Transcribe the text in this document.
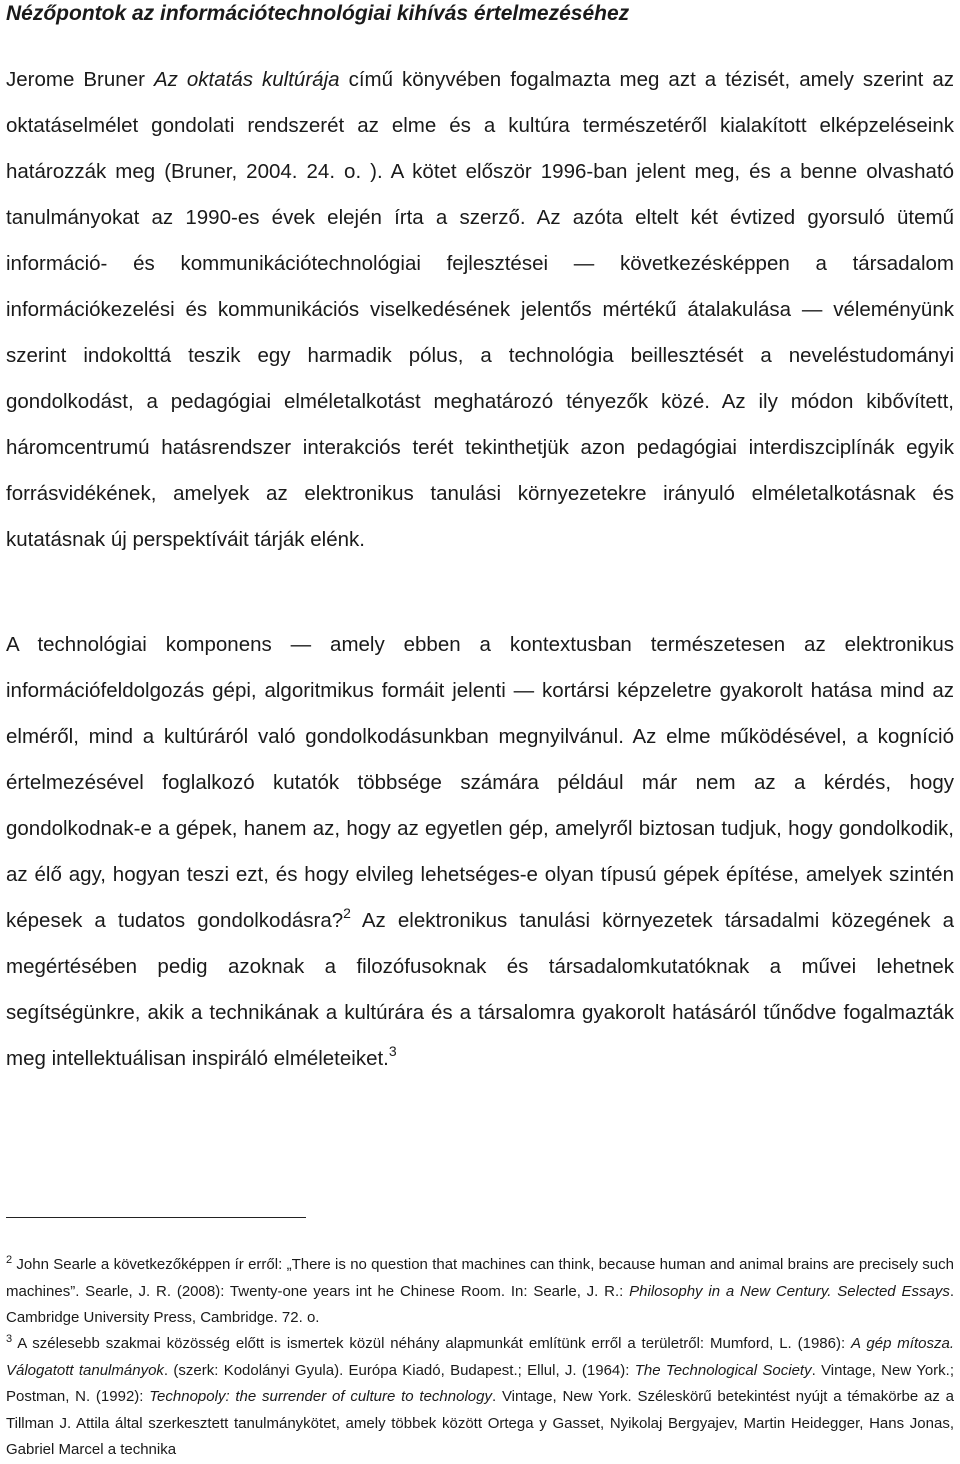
Nézőpontok az információtechnológiai kihívás értelmezéséhez

Jerome Bruner Az oktatás kultúrája című könyvében fogalmazta meg azt a tézisét, amely szerint az oktatáselmélet gondolati rendszerét az elme és a kultúra természetéről kialakított elképzeléseink határozzák meg (Bruner, 2004. 24. o. ). A kötet először 1996-ban jelent meg, és a benne olvasható tanulmányokat az 1990-es évek elején írta a szerző. Az azóta eltelt két évtized gyorsuló ütemű információ- és kommunikációtechnológiai fejlesztései — következésképpen a társadalom információkezelési és kommunikációs viselkedésének jelentős mértékű átalakulása — véleményünk szerint indokolttá teszik egy harmadik pólus, a technológia beillesztését a neveléstudományi gondolkodást, a pedagógiai elméletalkotást meghatározó tényezők közé. Az ily módon kibővített, háromcentrumú hatásrendszer interakciós terét tekinthetjük azon pedagógiai interdiszciplínák egyik forrásvidékének, amelyek az elektronikus tanulási környezetekre irányuló elméletalkotásnak és kutatásnak új perspektíváit tárják elénk.

A technológiai komponens — amely ebben a kontextusban természetesen az elektronikus információfeldolgozás gépi, algoritmikus formáit jelenti — kortársi képzeletre gyakorolt hatása mind az elméről, mind a kultúráról való gondolkodásunkban megnyilvánul. Az elme működésével, a kogníció értelmezésével foglalkozó kutatók többsége számára például már nem az a kérdés, hogy gondolkodnak-e a gépek, hanem az, hogy az egyetlen gép, amelyről biztosan tudjuk, hogy gondolkodik, az élő agy, hogyan teszi ezt, és hogy elvileg lehetséges-e olyan típusú gépek építése, amelyek szintén képesek a tudatos gondolkodásra?$^2$ Az elektronikus tanulási környezetek társadalmi közegének a megértésében pedig azoknak a filozófusoknak és társadalomkutatóknak a művei lehetnek segítségünkre, akik a technikának a kultúrára és a társalomra gyakorolt hatásáról tűnődve fogalmazták meg intellektuálisan inspiráló elméleteiket.$^3$

$^2$ John Searle a következőképpen ír erről: „There is no question that machines can think, because human and animal brains are precisely such machines”. Searle, J. R. (2008): Twenty-one years int he Chinese Room. In: Searle, J. R.: Philosophy in a New Century. Selected Essays. Cambridge University Press, Cambridge. 72. o.

$^3$ A szélesebb szakmai közösség előtt is ismertek közül néhány alapmunkát említünk erről a területről: Mumford, L. (1986): A gép mítosza. Válogatott tanulmányok. (szerk: Kodolányi Gyula). Európa Kiadó, Budapest.; Ellul, J. (1964): The Technological Society. Vintage, New York.; Postman, N. (1992): Technopoly: the surrender of culture to technology. Vintage, New York. Széleskörű betekintést nyújt a témakörbe az a Tillman J. Attila által szerkesztett tanulmánykötet, amely többek között Ortega y Gasset, Nyikolaj Bergyajev, Martin Heidegger, Hans Jonas, Gabriel Marcel a technika
